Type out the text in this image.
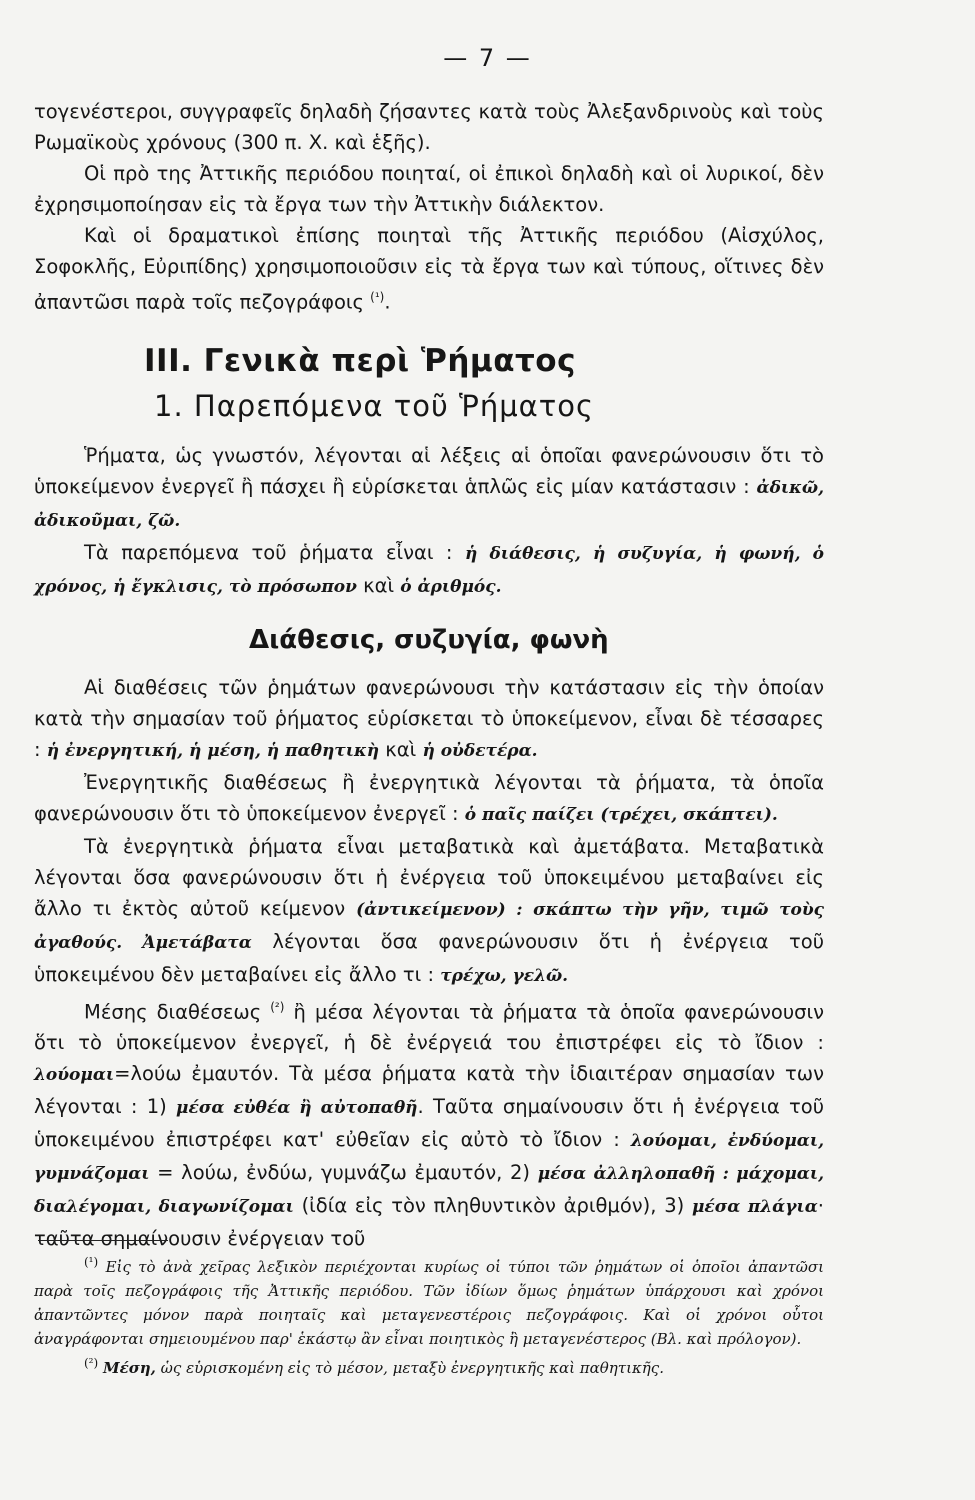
— 7 —

τογενέστεροι, συγγραφεῖς δηλαδὴ ζήσαντες κατὰ τοὺς Ἀλεξανδρινοὺς καὶ τοὺς Ρωμαϊκοὺς χρόνους (300 π. Χ. καὶ ἑξῆς).

Οἱ πρὸ της Ἀττικῆς περιόδου ποιηταί, οἱ ἐπικοὶ δηλαδὴ καὶ οἱ λυρικοί, δὲν ἐχρησιμοποίησαν εἰς τὰ ἔργα των τὴν Ἀττικὴν διάλεκτον.

Καὶ οἱ δραματικοὶ ἐπίσης ποιηταὶ τῆς Ἀττικῆς περιόδου (Αἰσχύλος, Σοφοκλῆς, Εὐριπίδης) χρησιμοποιοῦσιν εἰς τὰ ἔργα των καὶ τύπους, οἵτινες δὲν ἀπαντῶσι παρὰ τοῖς πεζογράφοις $^{(^1)}$.

ΙΙΙ. Γενικὰ περὶ Ῥήματος
1. Παρεπόμενα τοῦ Ῥήματος

Ῥήματα, ὡς γνωστόν, λέγονται αἱ λέξεις αἱ ὁποῖαι φανερώνουσιν ὅτι τὸ ὑποκείμενον ἐνεργεῖ ἢ πάσχει ἢ εὑρίσκεται ἁπλῶς εἰς μίαν κατάστασιν : ἀδικῶ, ἀδικοῦμαι, ζῶ.

Τὰ παρεπόμενα τοῦ ῥήματα εἶναι : ἡ διάθεσις, ἡ συζυγία, ἡ φωνή, ὁ χρόνος, ἡ ἔγκλισις, τὸ πρόσωπον καὶ ὁ ἀριθμός.

Διάθεσις, συζυγία, φωνὴ

Αἱ διαθέσεις τῶν ῥημάτων φανερώνουσι τὴν κατάστασιν εἰς τὴν ὁποίαν κατὰ τὴν σημασίαν τοῦ ῥήματος εὑρίσκεται τὸ ὑποκείμενον, εἶναι δὲ τέσσαρες : ἡ ἐνεργητική, ἡ μέση, ἡ παθητικὴ καὶ ἡ οὐδετέρα.

Ἐνεργητικῆς διαθέσεως ἢ ἐνεργητικὰ λέγονται τὰ ῥήματα, τὰ ὁποῖα φανερώνουσιν ὅτι τὸ ὑποκείμενον ἐνεργεῖ : ὁ παῖς παίζει (τρέχει, σκάπτει).

Τὰ ἐνεργητικὰ ῥήματα εἶναι μεταβατικὰ καὶ ἀμετάβατα. Μεταβατικὰ λέγονται ὅσα φανερώνουσιν ὅτι ἡ ἐνέργεια τοῦ ὑποκειμένου μεταβαίνει εἰς ἄλλο τι ἐκτὸς αὐτοῦ κείμενον (ἀντικείμενον) : σκάπτω τὴν γῆν, τιμῶ τοὺς ἀγαθούς. Ἀμετάβατα λέγονται ὅσα φανερώνουσιν ὅτι ἡ ἐνέργεια τοῦ ὑποκειμένου δὲν μεταβαίνει εἰς ἄλλο τι : τρέχω, γελῶ.

Μέσης διαθέσεως $^{(^2)}$ ἢ μέσα λέγονται τὰ ῥήματα τὰ ὁποῖα φανερώνουσιν ὅτι τὸ ὑποκείμενον ἐνεργεῖ, ἡ δὲ ἐνέργειά του ἐπιστρέφει εἰς τὸ ἴδιον : λούομαι=λούω ἐμαυτόν. Τὰ μέσα ῥήματα κατὰ τὴν ἰδιαιτέραν σημασίαν των λέγονται : 1) μέσα εὐθέα ἢ αὐτοπαθῆ. Ταῦτα σημαίνουσιν ὅτι ἡ ἐνέργεια τοῦ ὑποκειμένου ἐπιστρέφει κατ' εὐθεῖαν εἰς αὐτὸ τὸ ἴδιον : λούομαι, ἐνδύομαι, γυμνάζομαι = λούω, ἐνδύω, γυμνάζω ἐμαυτόν, 2) μέσα ἀλληλοπαθῆ : μάχομαι, διαλέγομαι, διαγωνίζομαι (ἰδία εἰς τὸν πληθυντικὸν ἀριθμόν), 3) μέσα πλάγια· ταῦτα σημαίνουσιν ἐνέργειαν τοῦ

$^{(^1)}$ Εἰς τὸ ἀνὰ χεῖρας λεξικὸν περιέχονται κυρίως οἱ τύποι τῶν ῥημάτων οἱ ὁποῖοι ἀπαντῶσι παρὰ τοῖς πεζογράφοις τῆς Ἀττικῆς περιόδου. Τῶν ἰδίων ὅμως ῥημάτων ὑπάρχουσι καὶ χρόνοι ἀπαντῶντες μόνον παρὰ ποιηταῖς καὶ μεταγενεστέροις πεζογράφοις. Καὶ οἱ χρόνοι οὗτοι ἀναγράφονται σημειουμένου παρ' ἑκάστῳ ἂν εἶναι ποιητικὸς ἢ μεταγενέστερος (Βλ. καὶ πρόλογον).

$^{(^2)}$ Μέση, ὡς εὑρισκομένη εἰς τὸ μέσον, μεταξὺ ἐνεργητικῆς καὶ παθητικῆς.
